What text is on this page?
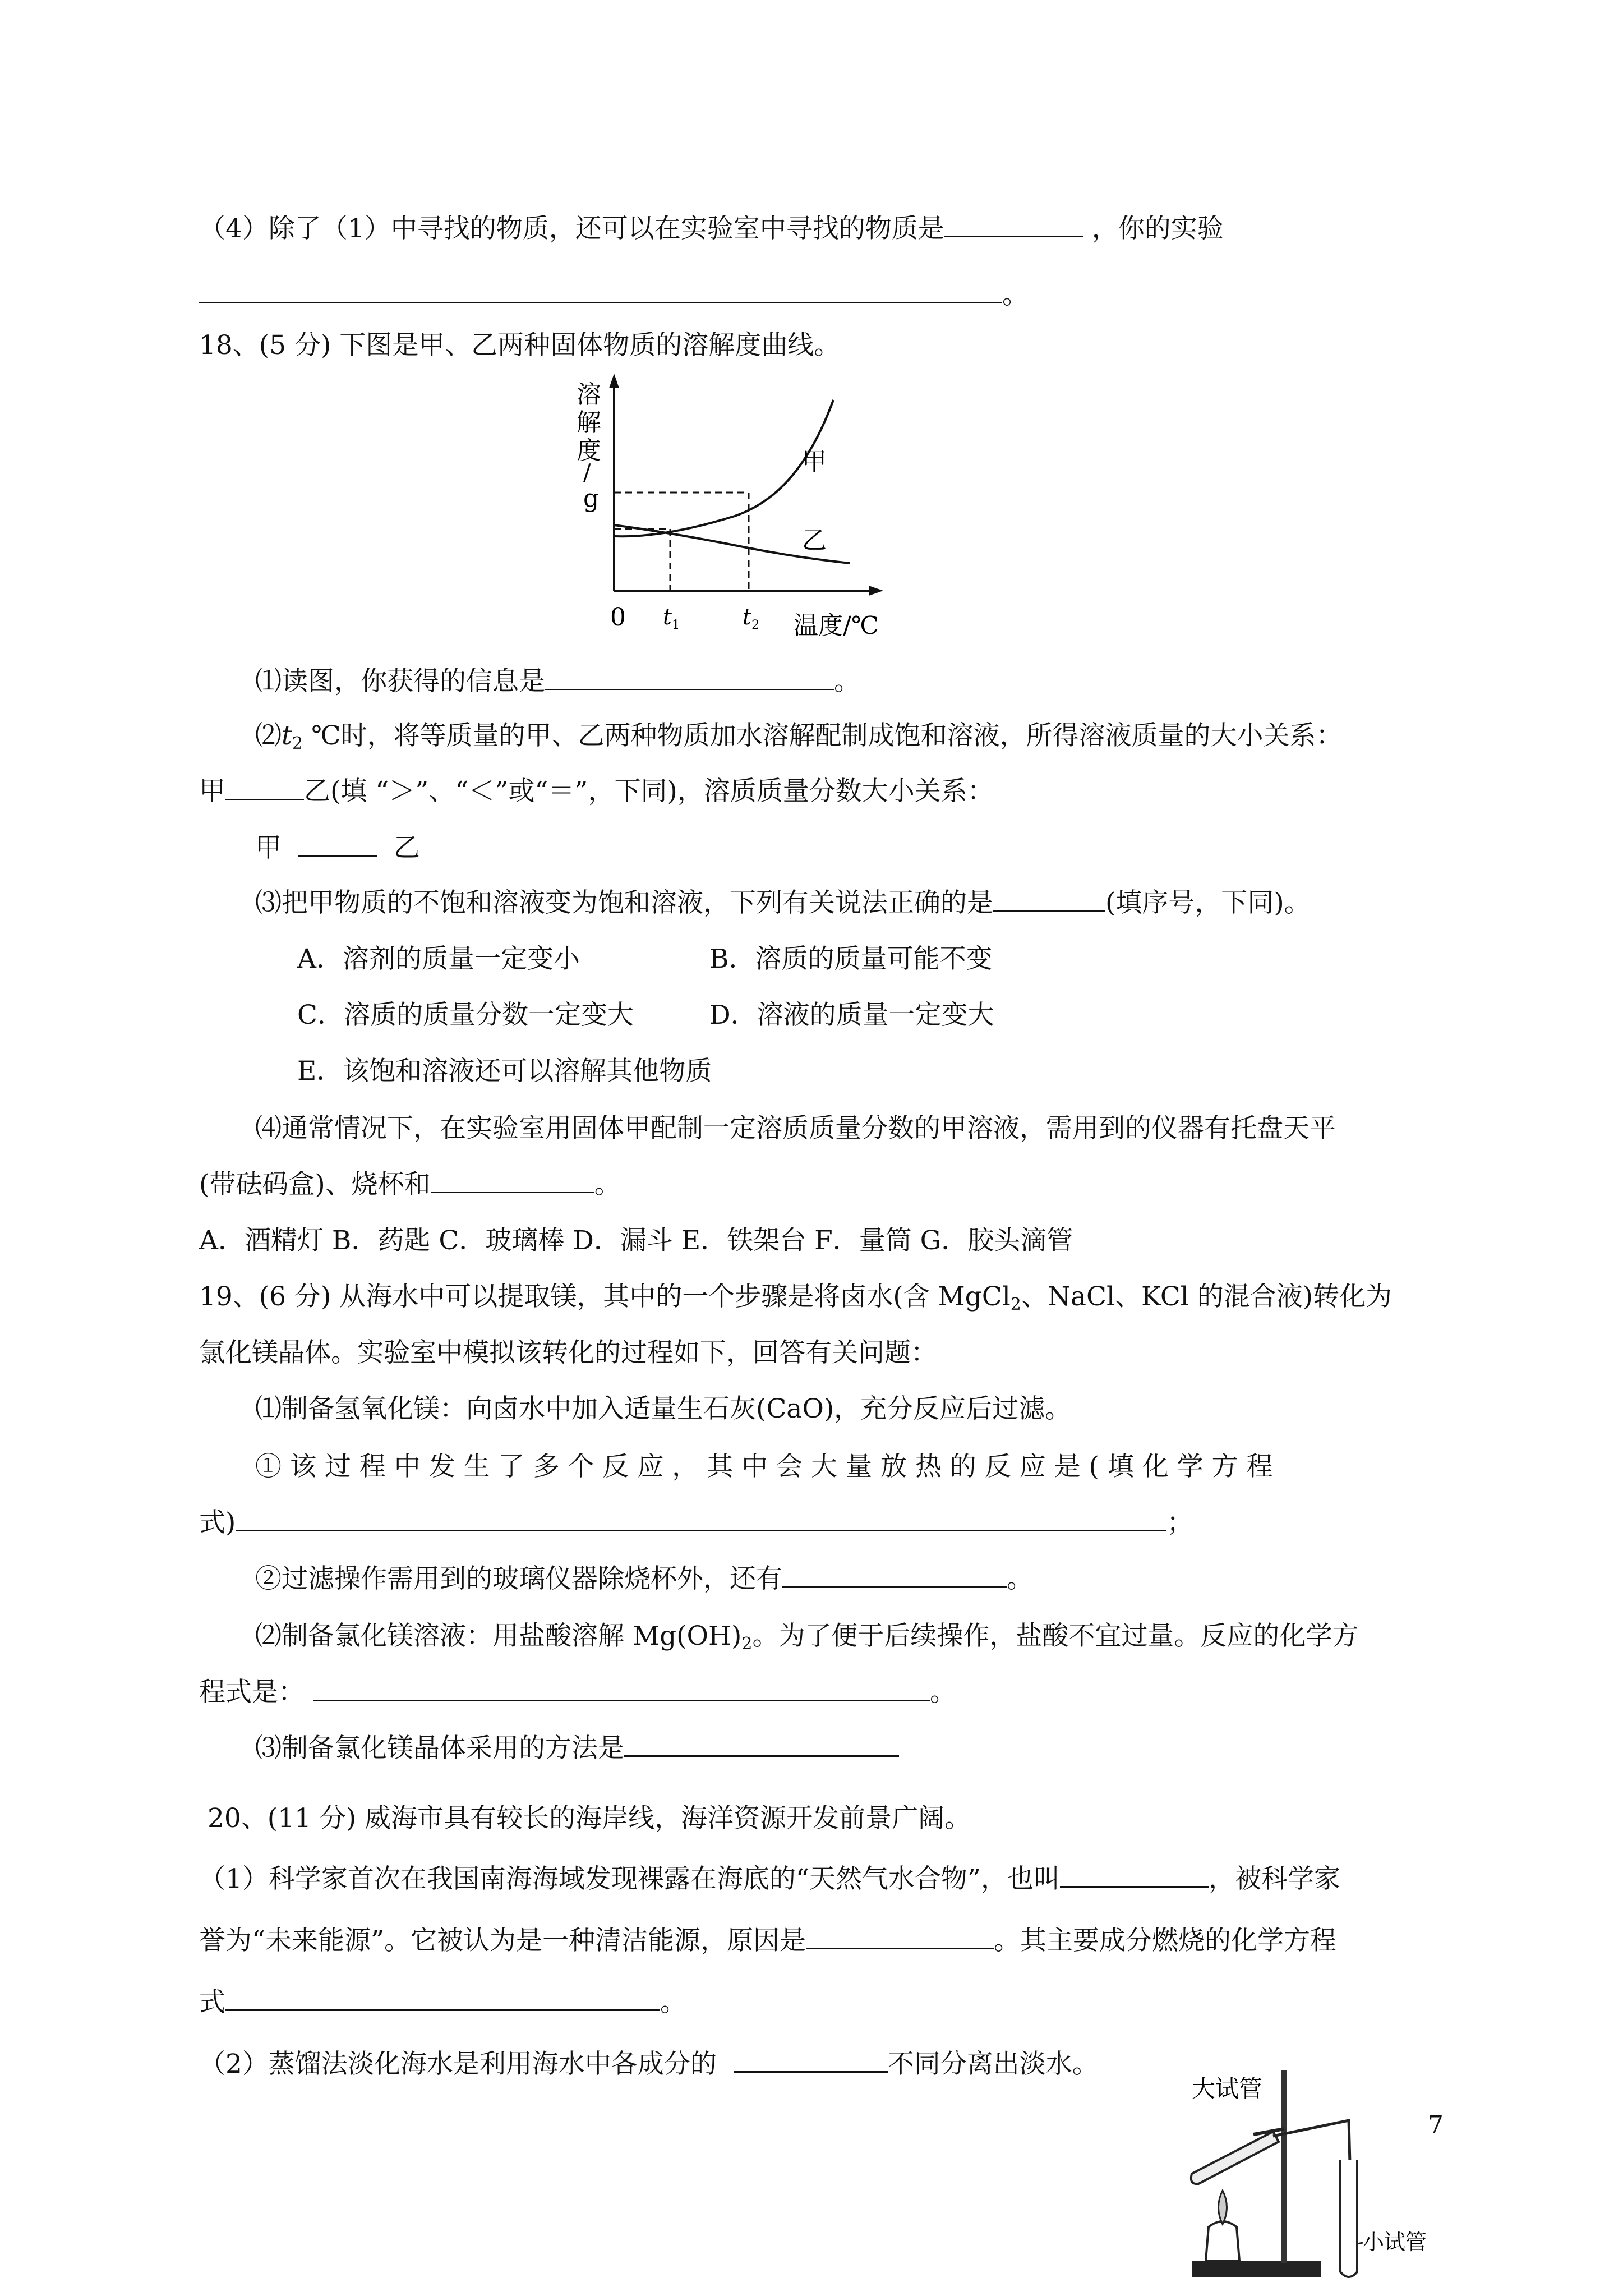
（4）除了（1）中寻找的物质，还可以在实验室中寻找的物质是	，你的实验
。
18、(5 分) 下图是甲、乙两种固体物质的溶解度曲线。
溶
解
度
/
g
甲
乙
0 $t_1$	$t_2$ 温度/℃
⑴读图，你获得的信息是	。
$⑵t_2$ ℃时，将等质量的甲、乙两种物质加水溶解配制成饱和溶液，所得溶液质量的大小关系：
甲	乙(填 “＞”、“＜”或“＝”，下同)，溶质质量分数大小关系：
甲	乙
⑶把甲物质的不饱和溶液变为饱和溶液，下列有关说法正确的是	(填序号，下同)。
A．溶剂的质量一定变小	B．溶质的质量可能不变
C．溶质的质量分数一定变大	D．溶液的质量一定变大
E．该饱和溶液还可以溶解其他物质
⑷通常情况下，在实验室用固体甲配制一定溶质质量分数的甲溶液，需用到的仪器有托盘天平
(带砝码盒)、烧杯和	。
A．酒精灯 B．药匙 C．玻璃棒 D．漏斗 E．铁架台 F．量筒 G．胶头滴管
19、(6 分) 从海水中可以提取镁，其中的一个步骤是将卤水(含 MgCl$_2$、NaCl、KCl 的混合液)转化为
氯化镁晶体。实验室中模拟该转化的过程如下，回答有关问题：
⑴制备氢氧化镁：向卤水中加入适量生石灰(CaO)，充分反应后过滤。
① 该 过 程 中 发 生 了 多 个 反 应 ， 其 中 会 大 量 放 热 的 反 应 是 ( 填 化 学 方 程
式)	；
②过滤操作需用到的玻璃仪器除烧杯外，还有	。
⑵制备氯化镁溶液：用盐酸溶解 $Mg(OH)_2$。为了便于后续操作，盐酸不宜过量。反应的化学方
程式是：	。
⑶制备氯化镁晶体采用的方法是
20、(11 分) 威海市具有较长的海岸线，海洋资源开发前景广阔。
（1）科学家首次在我国南海海域发现裸露在海底的“天然气水合物”，也叫	，被科学家
誉为“未来能源”。它被认为是一种清洁能源，原因是	。其主要成分燃烧的化学方程
式	。
（2）蒸馏法淡化海水是利用海水中各成分的	不同分离出淡水。
大试管
小试管
7
